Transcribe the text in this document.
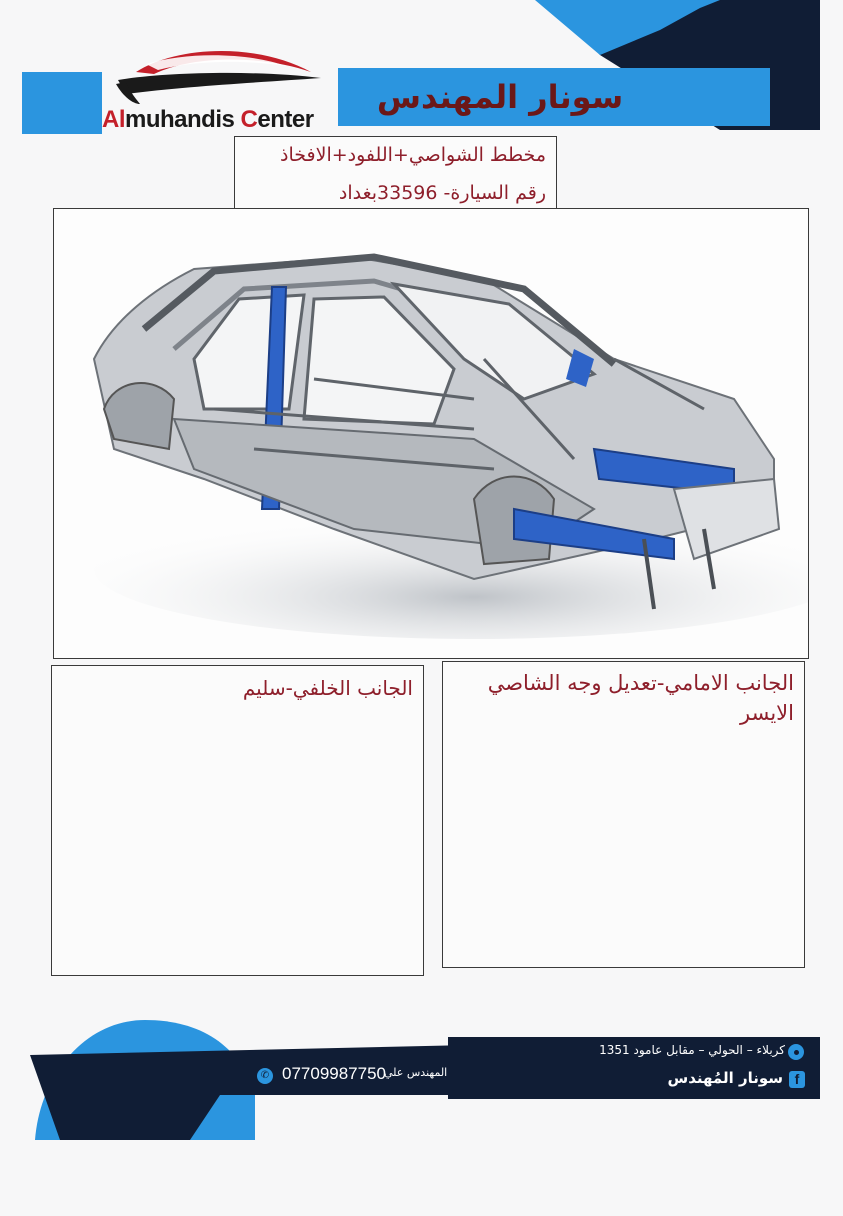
Almuhandis Center
سونار المهندس
مخطط الشواصي+اللفود+الافخاذ
رقم السيارة- 33596بغداد
الجانب الخلفي-سليم	الجانب الامامي-تعديل وجه الشاصي الايسر
كربلاء – الحولي – مقابل عامود 1351
f
سونار المُهندس
✆ 07709987750
المهندس علي
